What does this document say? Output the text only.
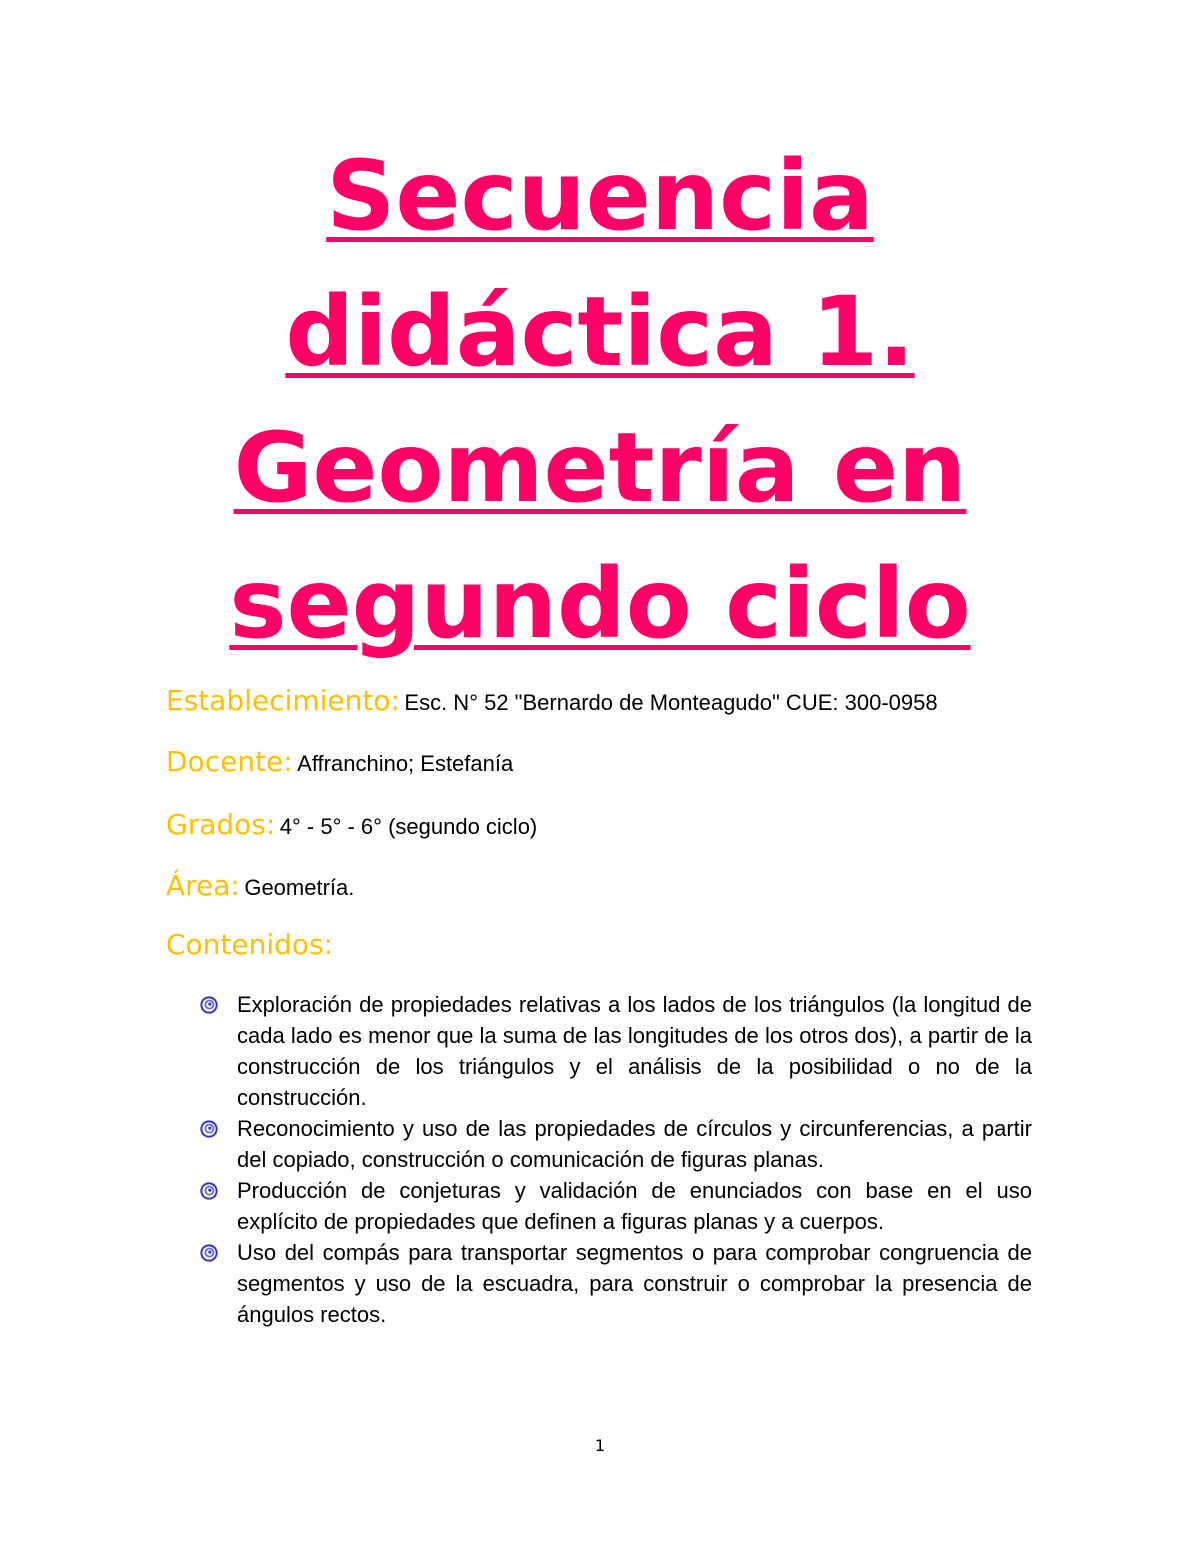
Secuencia
didáctica 1.
Geometría en
segundo ciclo

Establecimiento: Esc. N° 52 "Bernardo de Monteagudo" CUE: 300-0958

Docente: Affranchino; Estefanía

Grados: 4° - 5° - 6° (segundo ciclo)

Área: Geometría.

Contenidos:
Exploración de propiedades relativas a los lados de los triángulos (la longitud de cada lado es menor que la suma de las longitudes de los otros dos), a partir de la construcción de los triángulos y el análisis de la posibilidad o no de la construcción.
Reconocimiento y uso de las propiedades de círculos y circunferencias, a partir del copiado, construcción o comunicación de figuras planas.
Producción de conjeturas y validación de enunciados con base en el uso explícito de propiedades que definen a figuras planas y a cuerpos.
Uso del compás para transportar segmentos o para comprobar congruencia de segmentos y uso de la escuadra, para construir o comprobar la presencia de ángulos rectos.
1
